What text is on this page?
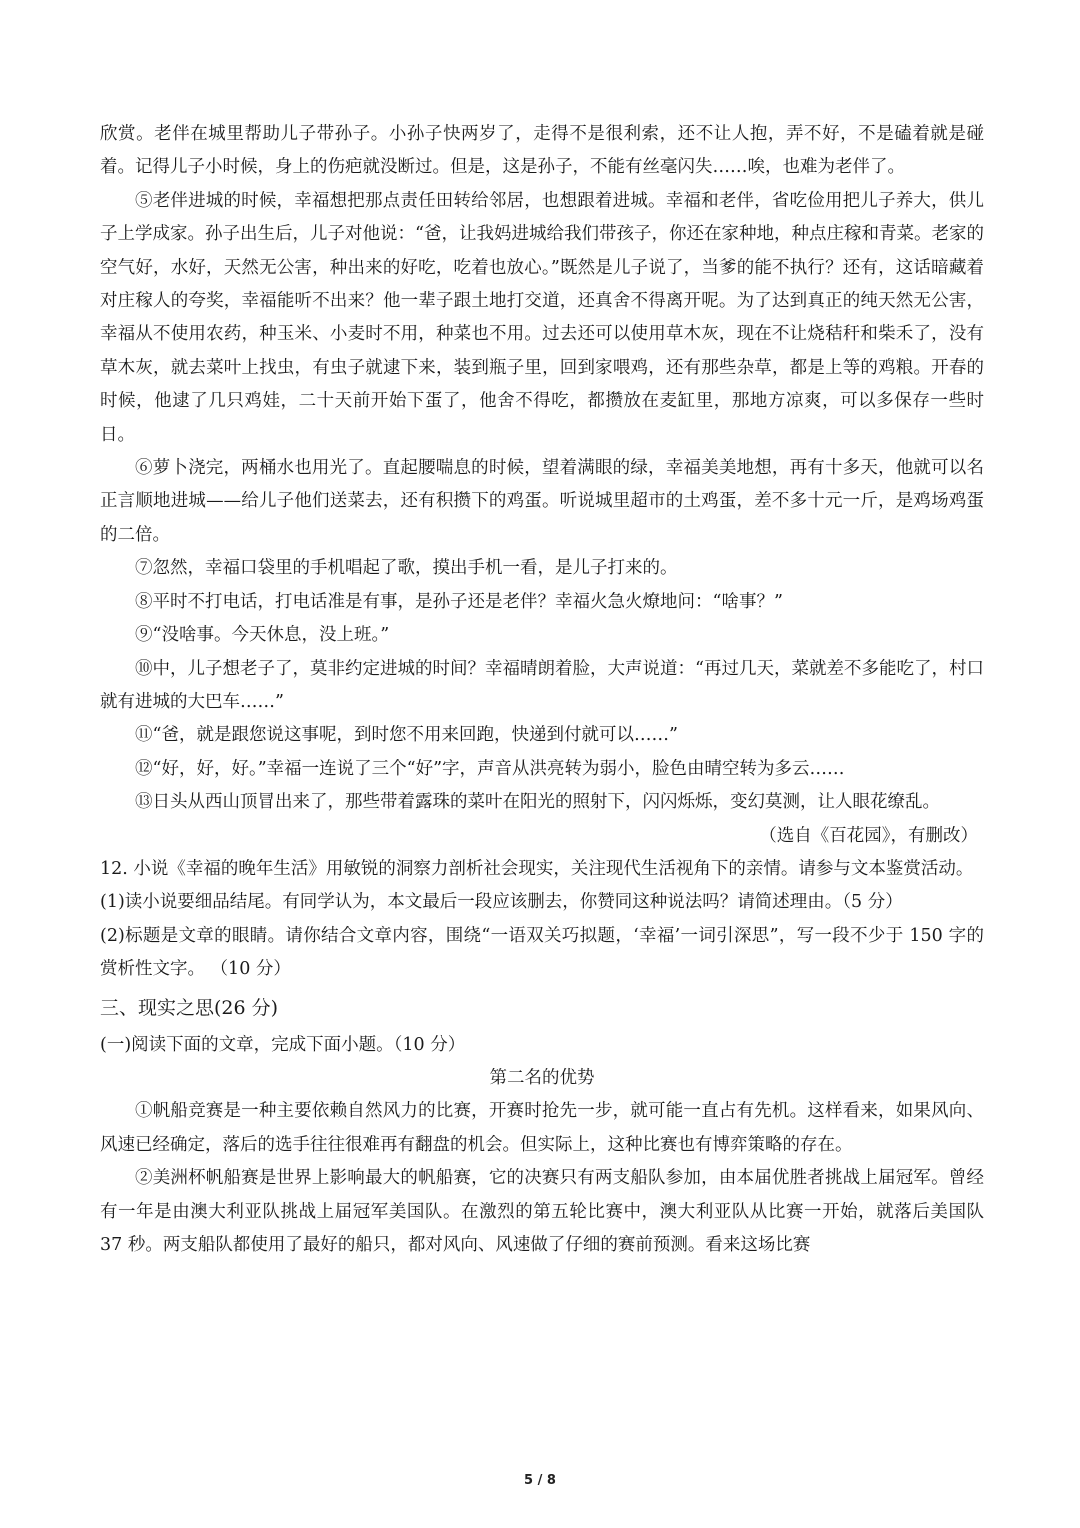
欣赏。老伴在城里帮助儿子带孙子。小孙子快两岁了，走得不是很利索，还不让人抱，弄不好，不是磕着就是碰着。记得儿子小时候，身上的伤疤就没断过。但是，这是孙子，不能有丝毫闪失……唉，也难为老伴了。

⑤老伴进城的时候，幸福想把那点责任田转给邻居，也想跟着进城。幸福和老伴，省吃俭用把儿子养大，供儿子上学成家。孙子出生后，儿子对他说：“爸，让我妈进城给我们带孩子，你还在家种地，种点庄稼和青菜。老家的空气好，水好，天然无公害，种出来的好吃，吃着也放心。”既然是儿子说了，当爹的能不执行？还有，这话暗藏着对庄稼人的夸奖，幸福能听不出来？他一辈子跟土地打交道，还真舍不得离开呢。为了达到真正的纯天然无公害，幸福从不使用农药，种玉米、小麦时不用，种菜也不用。过去还可以使用草木灰，现在不让烧秸秆和柴禾了，没有草木灰，就去菜叶上找虫，有虫子就逮下来，装到瓶子里，回到家喂鸡，还有那些杂草，都是上等的鸡粮。开春的时候，他逮了几只鸡娃，二十天前开始下蛋了，他舍不得吃，都攒放在麦缸里，那地方凉爽，可以多保存一些时日。

⑥萝卜浇完，两桶水也用光了。直起腰喘息的时候，望着满眼的绿，幸福美美地想，再有十多天，他就可以名正言顺地进城——给儿子他们送菜去，还有积攒下的鸡蛋。听说城里超市的土鸡蛋，差不多十元一斤，是鸡场鸡蛋的二倍。

⑦忽然，幸福口袋里的手机唱起了歌，摸出手机一看，是儿子打来的。

⑧平时不打电话，打电话准是有事，是孙子还是老伴？幸福火急火燎地问：“啥事？”

⑨“没啥事。今天休息，没上班。”

⑩中，儿子想老子了，莫非约定进城的时间？幸福晴朗着脸，大声说道：“再过几天，菜就差不多能吃了，村口就有进城的大巴车……”

⑪“爸，就是跟您说这事呢，到时您不用来回跑，快递到付就可以……”

⑫“好，好，好。”幸福一连说了三个“好”字，声音从洪亮转为弱小，脸色由晴空转为多云……

⑬日头从西山顶冒出来了，那些带着露珠的菜叶在阳光的照射下，闪闪烁烁，变幻莫测，让人眼花缭乱。

（选自《百花园》，有删改）

12. 小说《幸福的晚年生活》用敏锐的洞察力剖析社会现实，关注现代生活视角下的亲情。请参与文本鉴赏活动。

(1)读小说要细品结尾。有同学认为，本文最后一段应该删去，你赞同这种说法吗？请简述理由。（5 分）

(2)标题是文章的眼睛。请你结合文章内容，围绕“一语双关巧拟题，‘幸福’一词引深思”，写一段不少于 150 字的赏析性文字。 （10 分）

三、现实之思(26 分)

(一)阅读下面的文章，完成下面小题。（10 分）

第二名的优势

①帆船竞赛是一种主要依赖自然风力的比赛，开赛时抢先一步，就可能一直占有先机。这样看来，如果风向、风速已经确定，落后的选手往往很难再有翻盘的机会。但实际上，这种比赛也有博弈策略的存在。

②美洲杯帆船赛是世界上影响最大的帆船赛，它的决赛只有两支船队参加，由本届优胜者挑战上届冠军。曾经有一年是由澳大利亚队挑战上届冠军美国队。在激烈的第五轮比赛中，澳大利亚队从比赛一开始，就落后美国队 37 秒。两支船队都使用了最好的船只，都对风向、风速做了仔细的赛前预测。看来这场比赛

5 / 8
